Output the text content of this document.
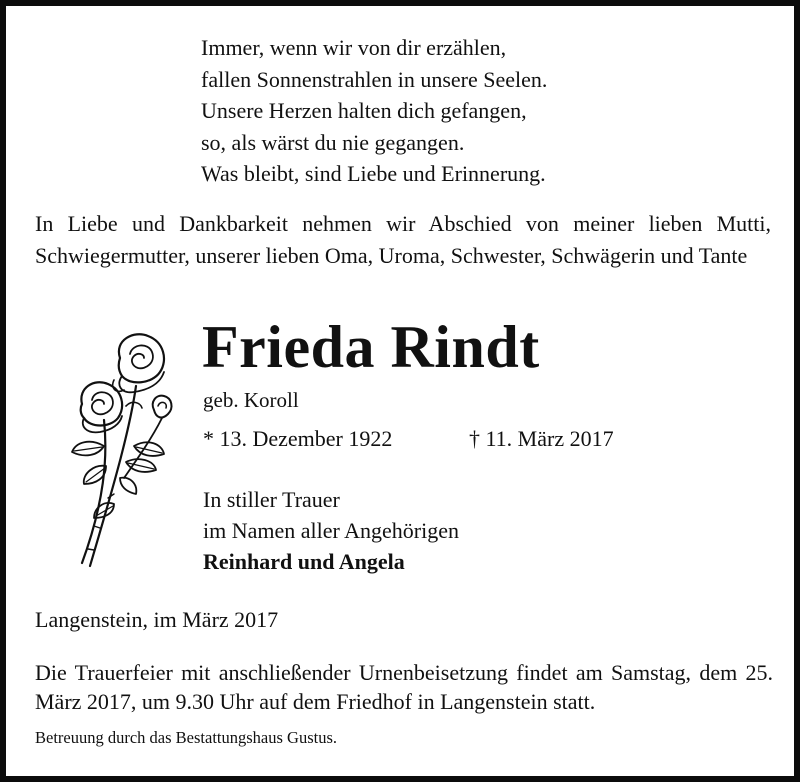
Immer, wenn wir von dir erzählen,
fallen Sonnenstrahlen in unsere Seelen.
Unsere Herzen halten dich gefangen,
so, als wärst du nie gegangen.
Was bleibt, sind Liebe und Erinnerung.
In Liebe und Dankbarkeit nehmen wir Abschied von meiner lieben Mutti, Schwiegermutter, unserer lieben Oma, Uroma, Schwester, Schwägerin und Tante
Frieda Rindt
geb. Koroll
* 13. Dezember 1922	† 11. März 2017
In stiller Trauer
im Namen aller Angehörigen
Reinhard und Angela
Langenstein, im März 2017
Die Trauerfeier mit anschließender Urnenbeisetzung findet am Samstag, dem 25. März 2017, um 9.30 Uhr auf dem Friedhof in Langenstein statt.
Betreuung durch das Bestattungshaus Gustus.
